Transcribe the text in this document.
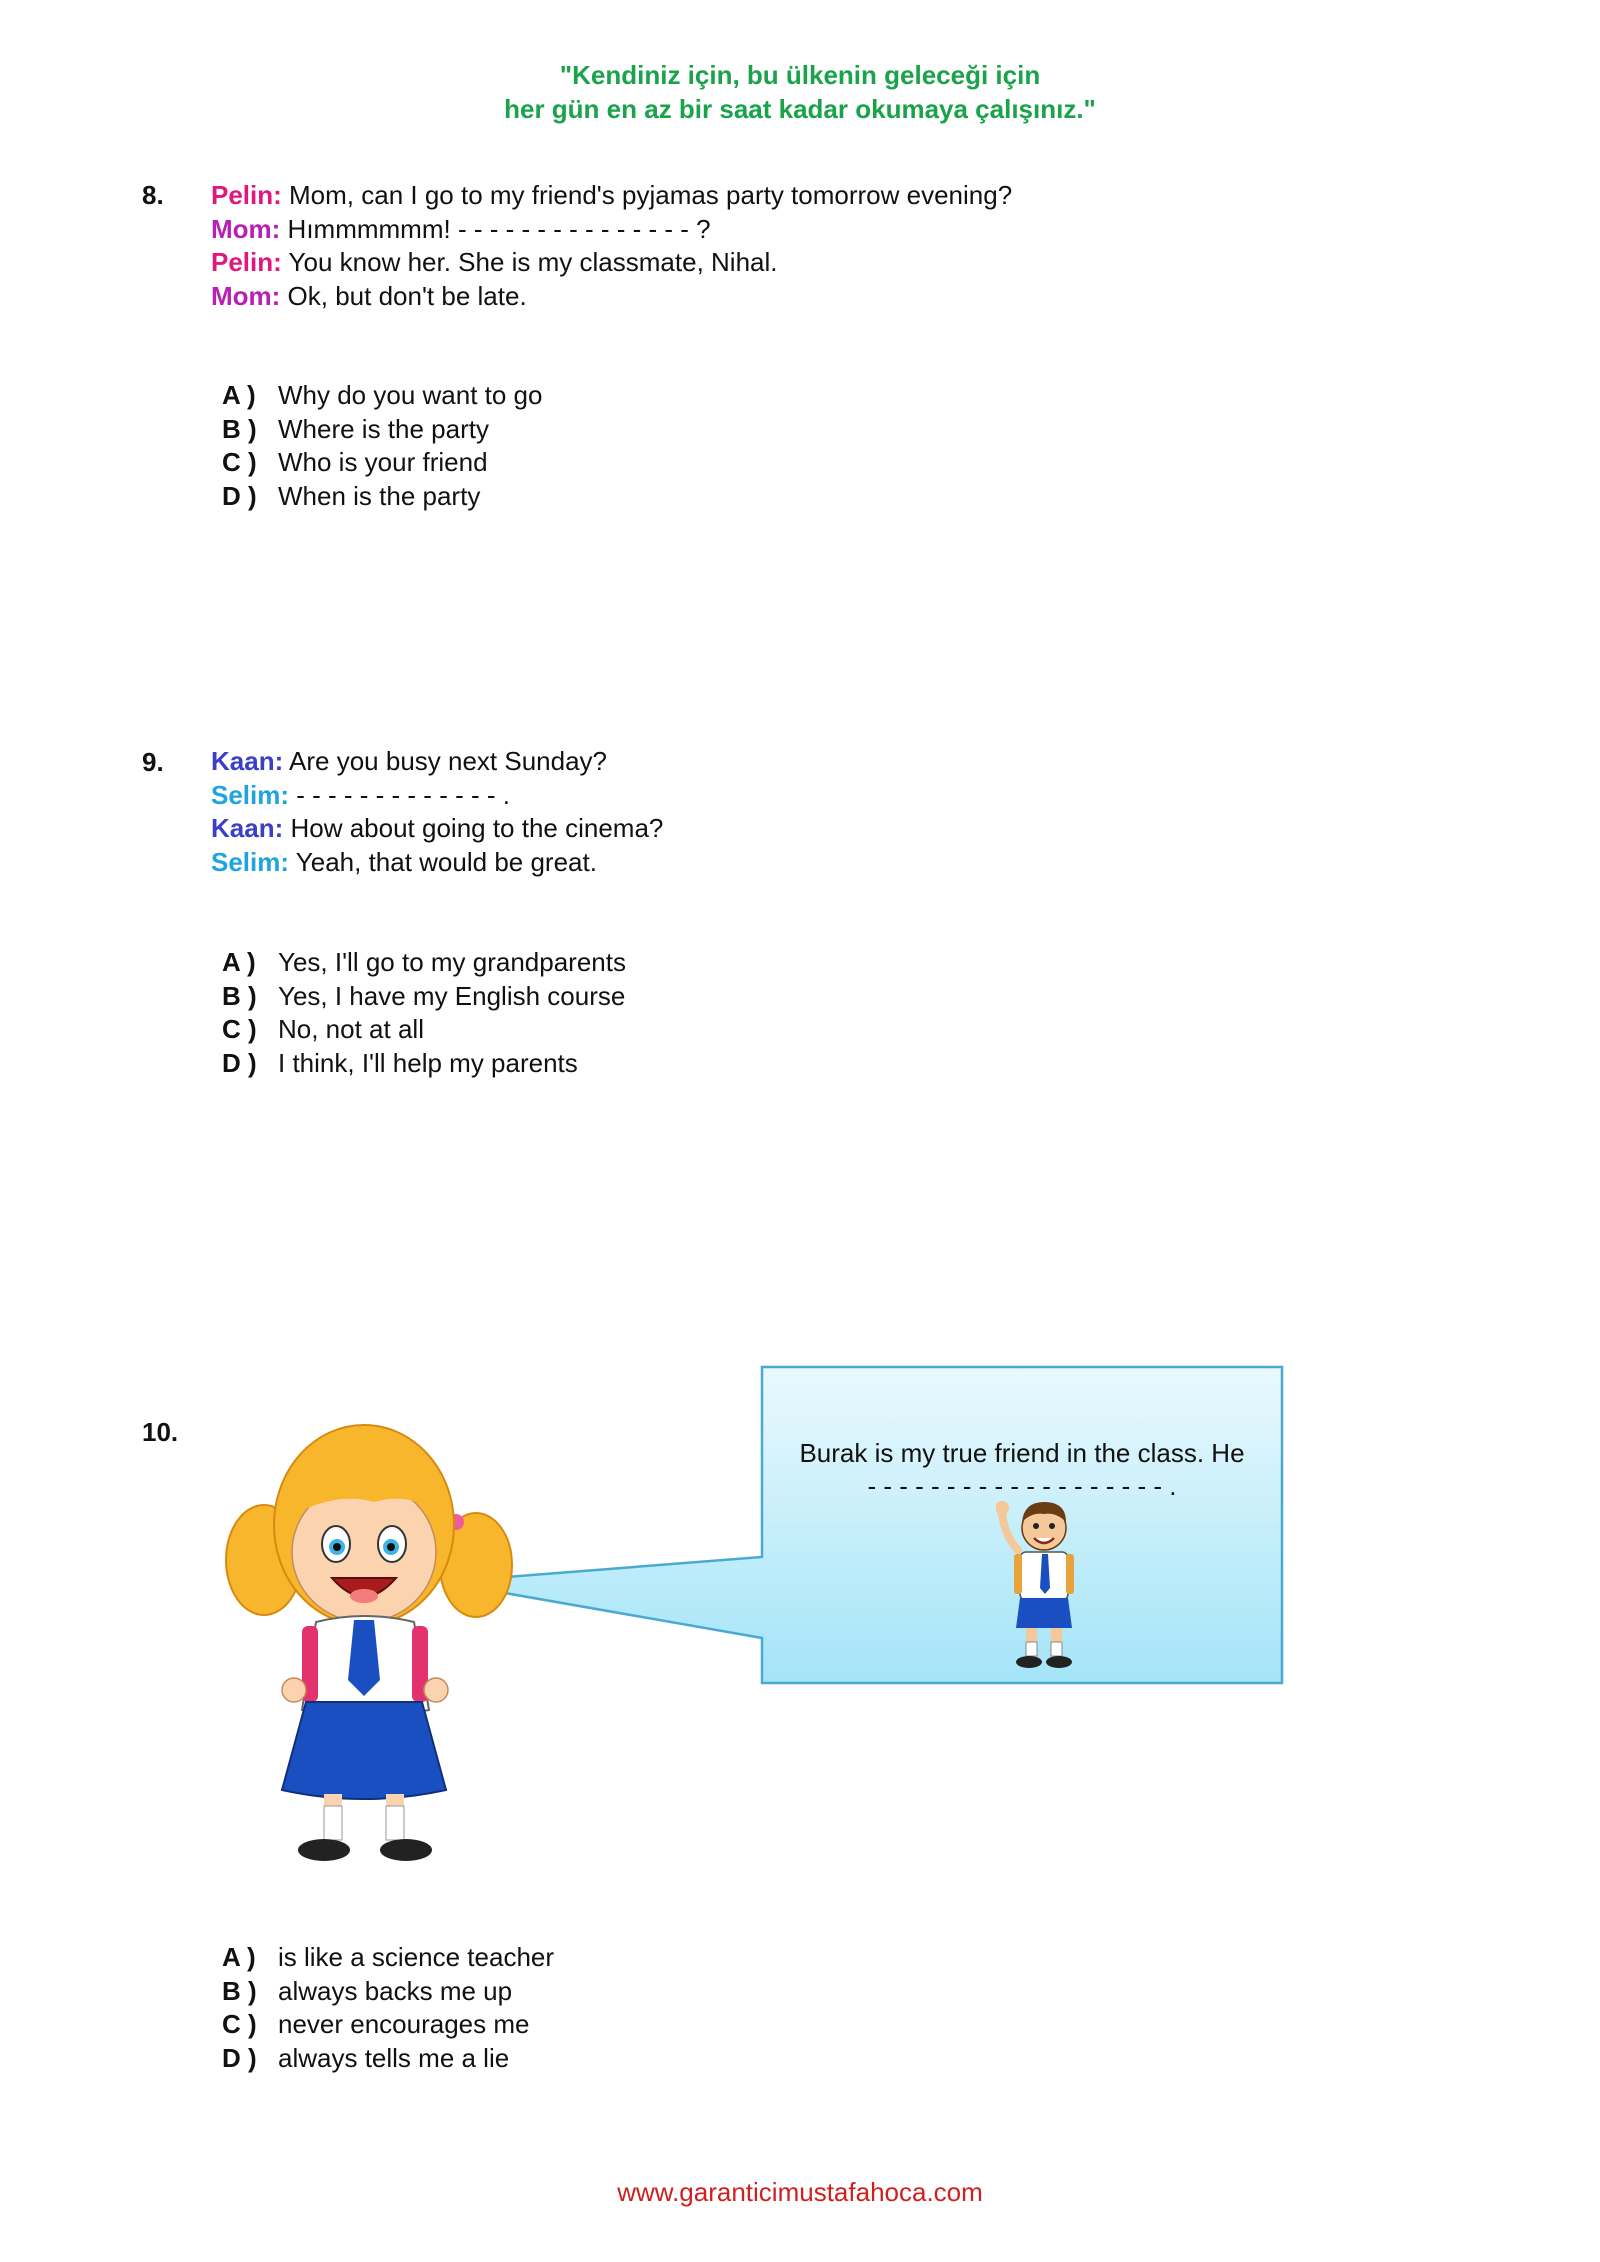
"Kendiniz için, bu ülkenin geleceği için
her gün en az bir saat kadar okumaya çalışınız."
8. Pelin: Mom, can I go to my friend's pyjamas party tomorrow evening?
Mom: Hımmmmmm! - - - - - - - - - - - - - - - ?
Pelin: You know her. She is my classmate, Nihal.
Mom: Ok, but don't be late.
A ) Why do you want to go
B ) Where is the party
C ) Who is your friend
D ) When is the party
9. Kaan: Are you busy next Sunday?
Selim: - - - - - - - - - - - - - .
Kaan: How about going to the cinema?
Selim: Yeah, that would be great.
A ) Yes, I'll go to my grandparents
B ) Yes, I have my English course
C ) No, not at all
D ) I think, I'll help my parents
10.
Burak is my true friend in the class. He
- - - - - - - - - - - - - - - - - - - .
A ) is like a science teacher
B ) always backs me up
C ) never encourages me
D ) always tells me a lie
www.garanticimustafahoca.com
